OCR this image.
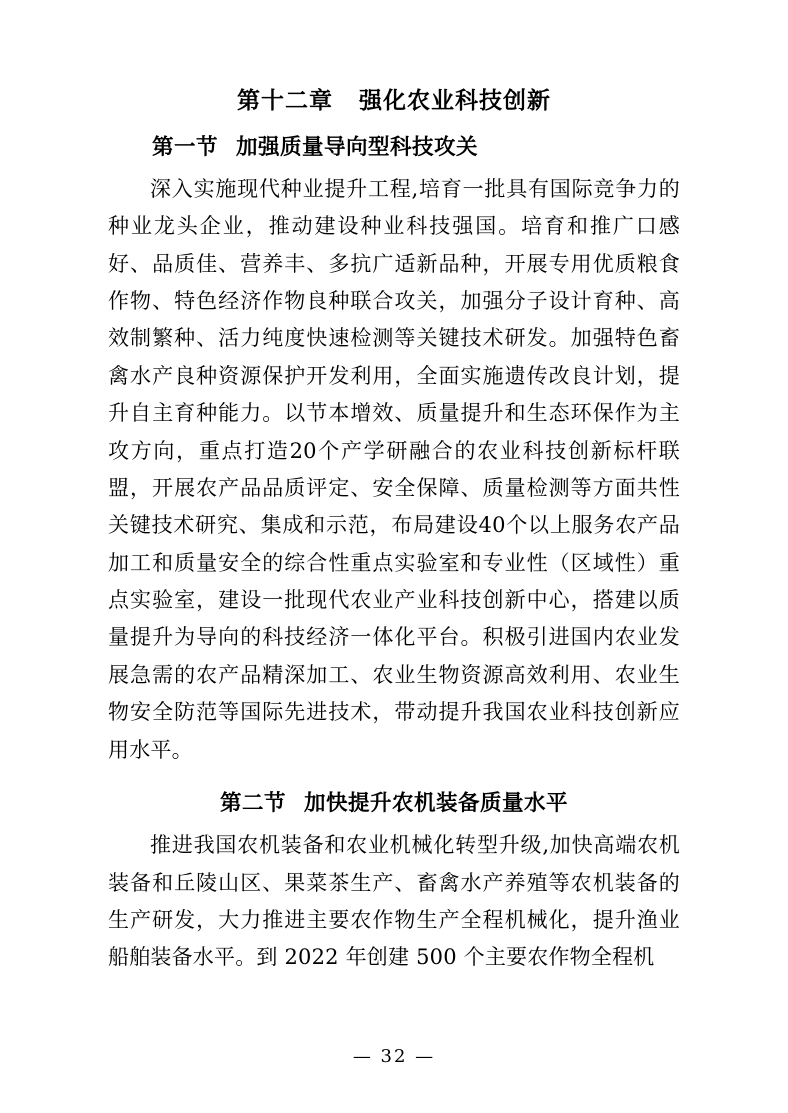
第十二章 强化农业科技创新
第一节 加强质量导向型科技攻关

深入实施现代种业提升工程,培育一批具有国际竞争力的种业龙头企业，推动建设种业科技强国。培育和推广口感好、品质佳、营养丰、多抗广适新品种，开展专用优质粮食作物、特色经济作物良种联合攻关，加强分子设计育种、高效制繁种、活力纯度快速检测等关键技术研发。加强特色畜禽水产良种资源保护开发利用，全面实施遗传改良计划，提升自主育种能力。以节本增效、质量提升和生态环保作为主攻方向，重点打造20个产学研融合的农业科技创新标杆联盟，开展农产品品质评定、安全保障、质量检测等方面共性关键技术研究、集成和示范，布局建设40个以上服务农产品加工和质量安全的综合性重点实验室和专业性（区域性）重点实验室，建设一批现代农业产业科技创新中心，搭建以质量提升为导向的科技经济一体化平台。积极引进国内农业发展急需的农产品精深加工、农业生物资源高效利用、农业生物安全防范等国际先进技术，带动提升我国农业科技创新应用水平。

第二节 加快提升农机装备质量水平

推进我国农机装备和农业机械化转型升级,加快高端农机装备和丘陵山区、果菜茶生产、畜禽水产养殖等农机装备的生产研发，大力推进主要农作物生产全程机械化，提升渔业船舶装备水平。到 2022 年创建 500 个主要农作物全程机

— 32 —
